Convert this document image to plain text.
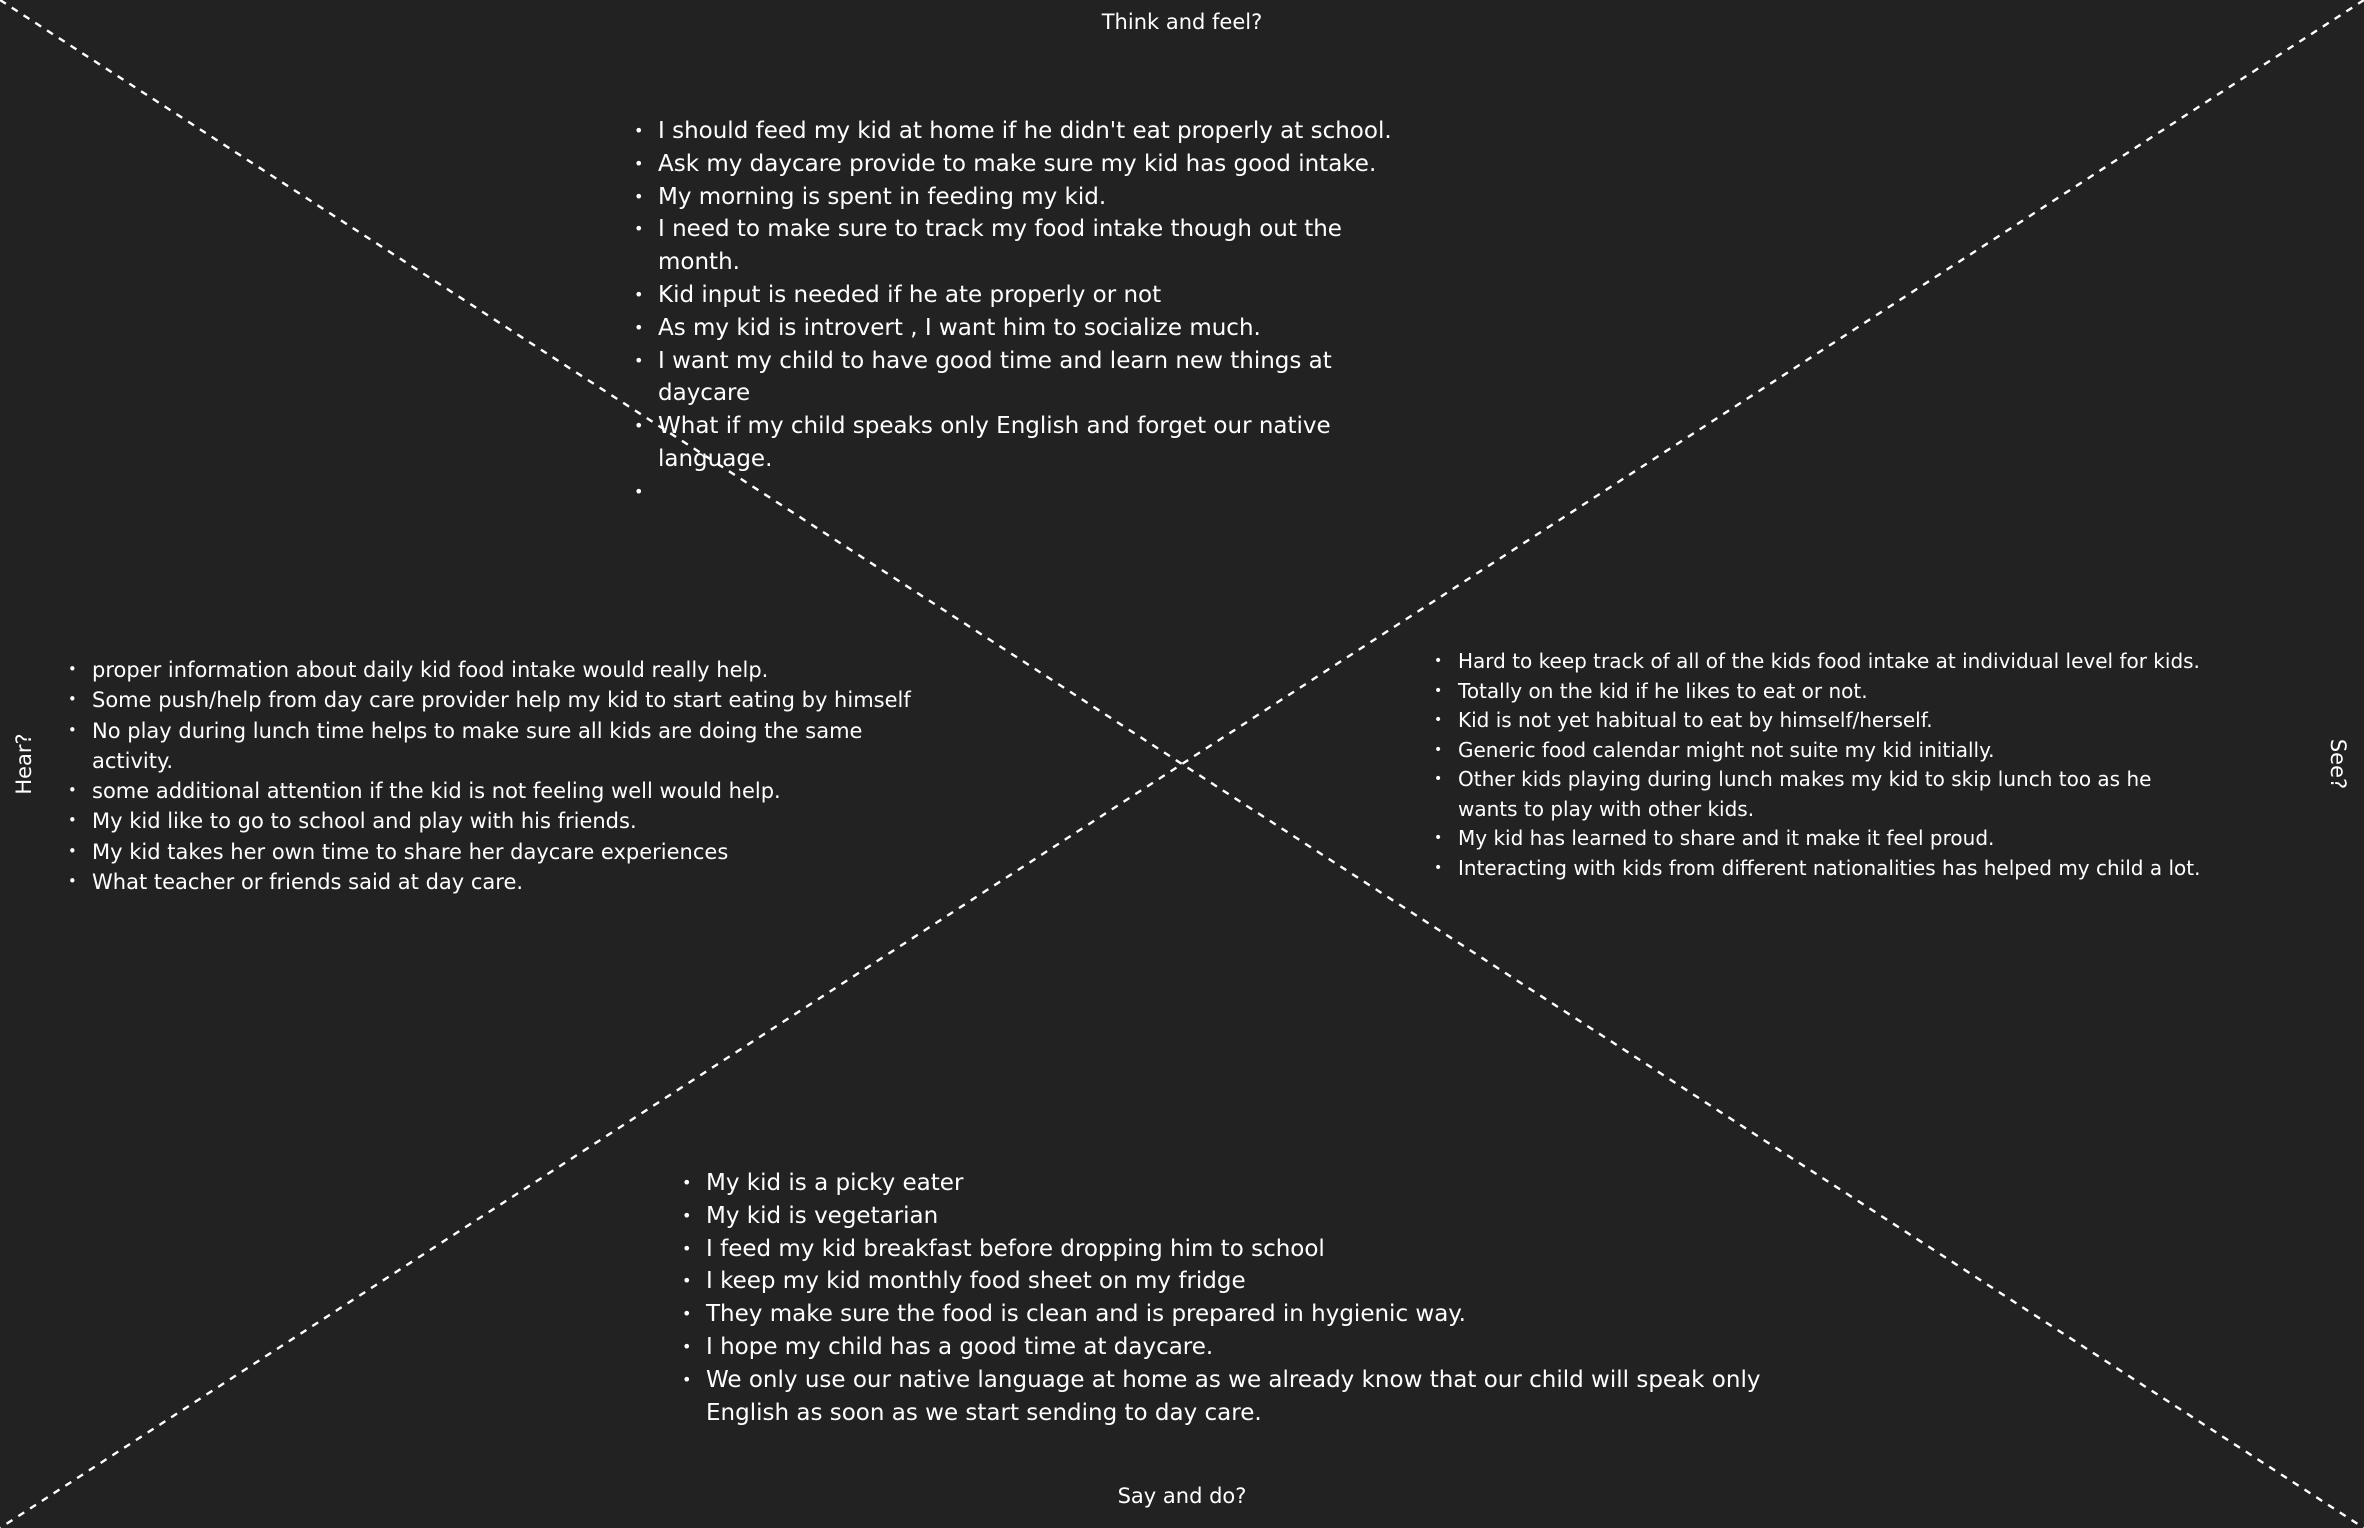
Think and feel?
Say and do?
Hear?	See?
• I should feed my kid at home if he didn't eat properly at school.
• Ask my daycare provide to make sure my kid has good intake.
• My morning is spent in feeding my kid.
• I need to make sure to track my food intake though out the month.
• Kid input is needed if he ate properly or not
• As my kid is introvert , I want him to socialize much.
• I want my child to have good time and learn new things at daycare
• What if my child speaks only English and forget our native language.
•
• proper information about daily kid food intake would really help.
• Some push/help from day care provider help my kid to start eating by himself
• No play during lunch time helps to make sure all kids are doing the same activity.
• some additional attention if the kid is not feeling well would help.
• My kid like to go to school and play with his friends.
• My kid takes her own time to share her daycare experiences
• What teacher or friends said at day care.
• Hard to keep track of all of the kids food intake at individual level for kids.
• Totally on the kid if he likes to eat or not.
• Kid is not yet habitual to eat by himself/herself.
• Generic food calendar might not suite my kid initially.
• Other kids playing during lunch makes my kid to skip lunch too as he wants to play with other kids.
• My kid has learned to share and it make it feel proud.
• Interacting with kids from different nationalities has helped my child a lot.
• My kid is a picky eater
• My kid is vegetarian
• I feed my kid breakfast before dropping him to school
• I keep my kid monthly food sheet on my fridge
• They make sure the food is clean and is prepared in hygienic way.
• I hope my child has a good time at daycare.
• We only use our native language at home as we already know that our child will speak only English as soon as we start sending to day care.
